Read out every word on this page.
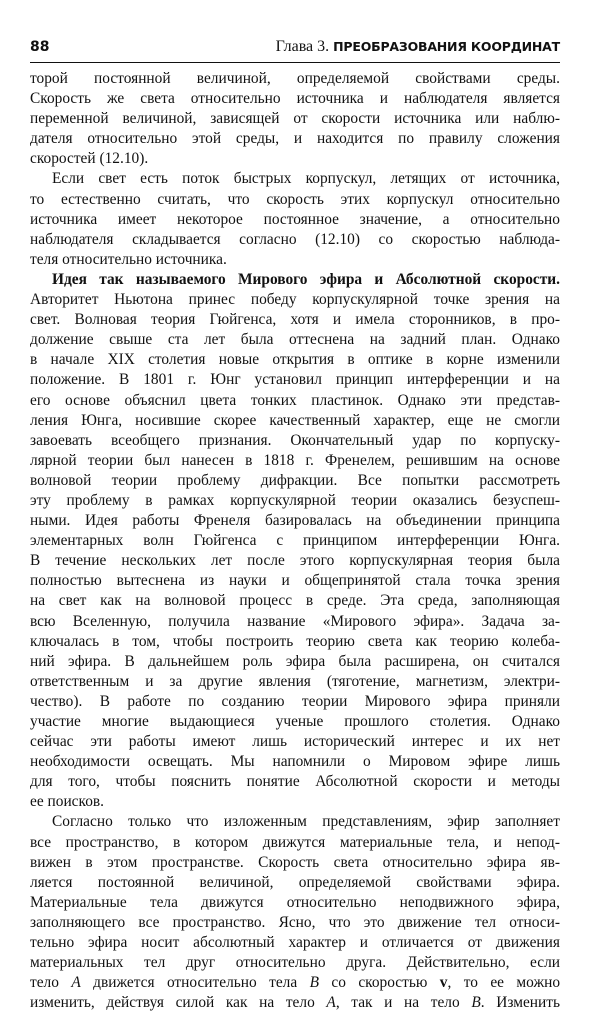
88	Глава 3. ПРЕОБРАЗОВАНИЯ КООРДИНАТ
торой постоянной величиной, определяемой свойствами среды.
Скорость же света относительно источника и наблюдателя является
переменной величиной, зависящей от скорости источника или наблю-
дателя относительно этой среды, и находится по правилу сложения
скоростей (12.10).
Если свет есть поток быстрых корпускул, летящих от источника,
то естественно считать, что скорость этих корпускул относительно
источника имеет некоторое постоянное значение, а относительно
наблюдателя складывается согласно (12.10) со скоростью наблюда-
теля относительно источника.
Идея так называемого Мирового эфира и Абсолютной скорости.
Авторитет Ньютона принес победу корпускулярной точке зрения на
свет. Волновая теория Гюйгенса, хотя и имела сторонников, в про-
должение свыше ста лет была оттеснена на задний план. Однако
в начале XIX столетия новые открытия в оптике в корне изменили
положение. В 1801 г. Юнг установил принцип интерференции и на
его основе объяснил цвета тонких пластинок. Однако эти представ-
ления Юнга, носившие скорее качественный характер, еще не смогли
завоевать всеобщего признания. Окончательный удар по корпуску-
лярной теории был нанесен в 1818 г. Френелем, решившим на основе
волновой теории проблему дифракции. Все попытки рассмотреть
эту проблему в рамках корпускулярной теории оказались безуспеш-
ными. Идея работы Френеля базировалась на объединении принципа
элементарных волн Гюйгенса с принципом интерференции Юнга.
В течение нескольких лет после этого корпускулярная теория была
полностью вытеснена из науки и общепринятой стала точка зрения
на свет как на волновой процесс в среде. Эта среда, заполняющая
всю Вселенную, получила название «Мирового эфира». Задача за-
ключалась в том, чтобы построить теорию света как теорию колеба-
ний эфира. В дальнейшем роль эфира была расширена, он считался
ответственным и за другие явления (тяготение, магнетизм, электри-
чество). В работе по созданию теории Мирового эфира приняли
участие многие выдающиеся ученые прошлого столетия. Однако
сейчас эти работы имеют лишь исторический интерес и их нет
необходимости освещать. Мы напомнили о Мировом эфире лишь
для того, чтобы пояснить понятие Абсолютной скорости и методы
ее поисков.
Согласно только что изложенным представлениям, эфир заполняет
все пространство, в котором движутся материальные тела, и непод-
вижен в этом пространстве. Скорость света относительно эфира яв-
ляется постоянной величиной, определяемой свойствами эфира.
Материальные тела движутся относительно неподвижного эфира,
заполняющего все пространство. Ясно, что это движение тел относи-
тельно эфира носит абсолютный характер и отличается от движения
материальных тел друг относительно друга. Действительно, если
тело A движется относительно тела B со скоростью v, то ее можно
изменить, действуя силой как на тело A, так и на тело B. Изменить
